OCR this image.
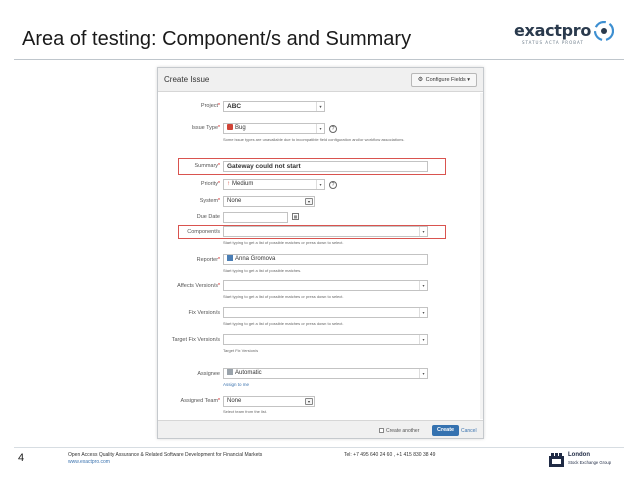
Area of testing: Component/s and Summary	exactpro
STATUS ACTA PROBAT
Create Issue	⚙ Configure Fields ▾
Project*	ABC	▾
Issue Type*	Bug	▾	?
Some issue types are unavailable due to incompatible field configuration and/or workflow associations.
Summary*	Gateway could not start
Priority*	↑ Medium	▾	?
System*	None	▾
Due Date	▦
Component/s	▾
Start typing to get a list of possible matches or press down to select.
Reporter*	Anna Gromova
Start typing to get a list of possible matches.
Affects Version/s*	▾
Start typing to get a list of possible matches or press down to select.
Fix Version/s	▾
Start typing to get a list of possible matches or press down to select.
Target Fix Version/s	▾
Target Fix Version/s
Assignee	Automatic	▾
Assign to me
Assigned Team*	None	▾
Select team from the list.
Create another	Create	Cancel
4	Open Access Quality Assurance & Related Software Development for Financial Markets
www.exactpro.com
Tel: +7 495 640 24 60 , +1 415 830 38 49	London
Stock Exchange Group
